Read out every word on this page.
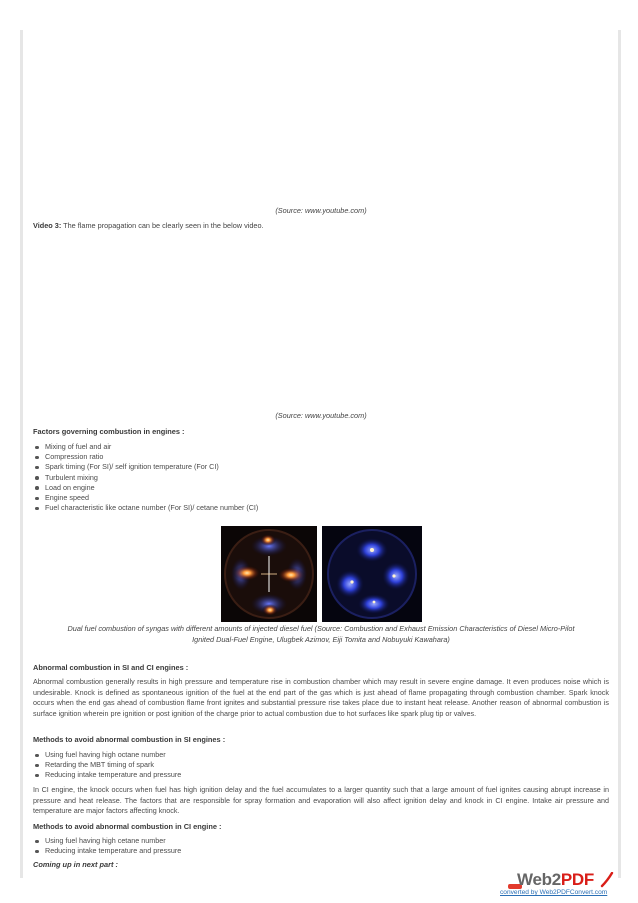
(Source: www.youtube.com)
Video 3: The flame propagation can be clearly seen in the below video.
(Source: www.youtube.com)
Factors governing combustion in engines :
Mixing of fuel and air
Compression ratio
Spark timing (For SI)/ self ignition temperature (For CI)
Turbulent mixing
Load on engine
Engine speed
Fuel characteristic like octane number (For SI)/ cetane number (CI)
Dual fuel combustion of syngas with different amounts of injected diesel fuel (Source: Combustion and Exhaust Emission Characteristics of Diesel Micro-Pilot
Ignited Dual-Fuel Engine, Ulugbek Azimov, Eiji Tomita and Nobuyuki Kawahara)
Abnormal combustion in SI and CI engines :
Abnormal combustion generally results in high pressure and temperature rise in combustion chamber which may result in severe engine damage. It even produces noise which is undesirable. Knock is defined as spontaneous ignition of the fuel at the end part of the gas which is just ahead of flame propagating through combustion chamber. Spark knock occurs when the end gas ahead of combustion flame front ignites and substantial pressure rise takes place due to instant heat release. Another reason of abnormal combustion is surface ignition wherein pre ignition or post ignition of the charge prior to actual combustion due to hot surfaces like spark plug tip or valves.
Methods to avoid abnormal combustion in SI engines :
Using fuel having high octane number
Retarding the MBT timing of spark
Reducing intake temperature and pressure
In CI engine, the knock occurs when fuel has high ignition delay and the fuel accumulates to a larger quantity such that a large amount of fuel ignites causing abrupt increase in pressure and heat release. The factors that are responsible for spray formation and evaporation will also affect ignition delay and knock in CI engine. Intake air pressure and temperature are major factors affecting knock.
Methods to avoid abnormal combustion in CI engine :
Using fuel having high cetane number
Reducing intake temperature and pressure
Coming up in next part :
Web2PDF
converted by Web2PDFConvert.com
